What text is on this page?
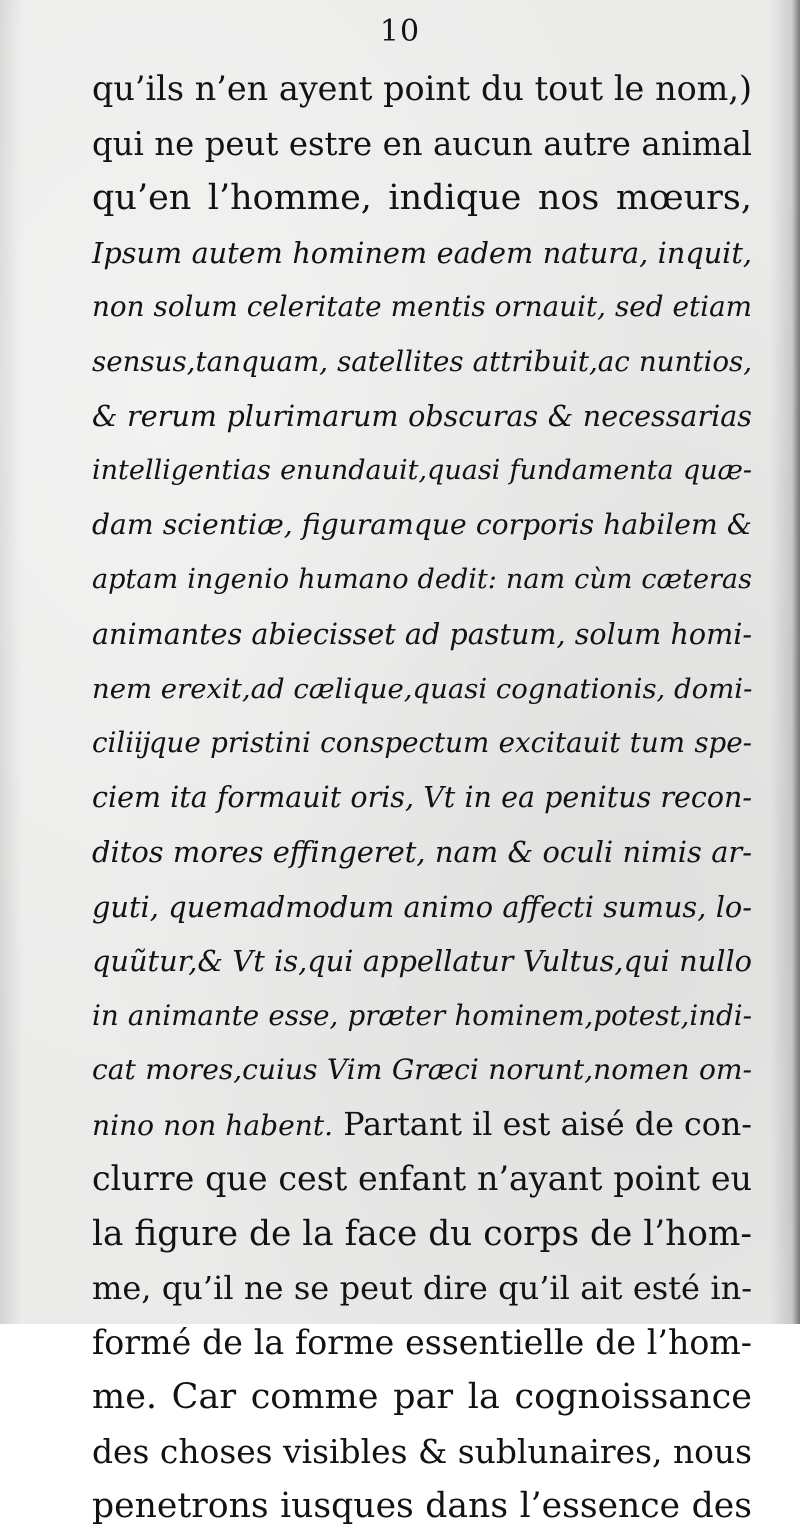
10
qu’ils n’en ayent point du tout le nom,)
qui ne peut estre en aucun autre animal
qu’en l’homme, indique nos mœurs,
Ipsum autem hominem eadem natura, inquit,
non solum celeritate mentis ornauit, sed etiam
sensus,tanquam, satellites attribuit,ac nuntios,
& rerum plurimarum obscuras & necessarias
intelligentias enundauit,quasi fundamenta quæ-
dam scientiæ, figuramque corporis habilem &
aptam ingenio humano dedit: nam cùm cæteras
animantes abiecisset ad pastum, solum homi-
nem erexit,ad cælique,quasi cognationis, domi-
ciliĳque pristini conspectum excitauit tum spe-
ciem ita formauit oris, Vt in ea penitus recon-
ditos mores effingeret, nam & oculi nimis ar-
guti, quemadmodum animo affecti sumus, lo-
quũtur,& Vt is,qui appellatur Vultus,qui nullo
in animante esse, præter hominem,potest,indi-
cat mores,cuius Vim Græci norunt,nomen om-
nino non habent. Partant il est aisé de con-
clurre que cest enfant n’ayant point eu
la figure de la face du corps de l’hom-
me, qu’il ne se peut dire qu’il ait esté in-
formé de la forme essentielle de l’hom-
me. Car comme par la cognoissance
des choses visibles & sublunaires, nous
penetrons iusques dans l’essence des
